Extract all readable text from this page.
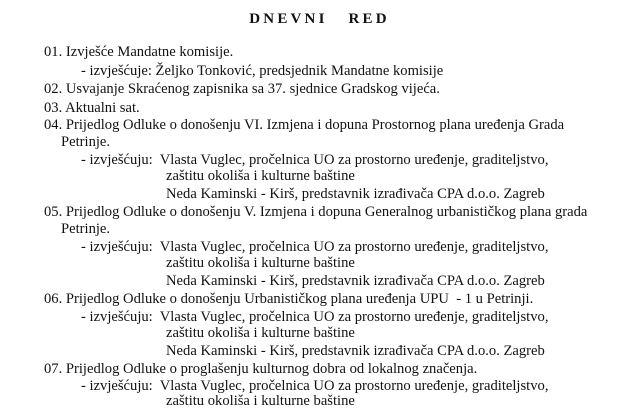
DNEVNI   RED
01. Izvješće Mandatne komisije.
- izvješćuje: Željko Tonković, predsjednik Mandatne komisije
02. Usvajanje Skraćenog zapisnika sa 37. sjednice Gradskog vijeća.
03. Aktualni sat.
04. Prijedlog Odluke o donošenju VI. Izmjena i dopuna Prostornog plana uređenja Grada
Petrinje.
- izvješćuju:  Vlasta Vuglec, pročelnica UO za prostorno uređenje, graditeljstvo,
zaštitu okoliša i kulturne baštine
Neda Kaminski - Kirš, predstavnik izrađivača CPA d.o.o. Zagreb
05. Prijedlog Odluke o donošenju V. Izmjena i dopuna Generalnog urbanističkog plana grada
Petrinje.
- izvješćuju:  Vlasta Vuglec, pročelnica UO za prostorno uređenje, graditeljstvo,
zaštitu okoliša i kulturne baštine
Neda Kaminski - Kirš, predstavnik izrađivača CPA d.o.o. Zagreb
06. Prijedlog Odluke o donošenju Urbanističkog plana uređenja UPU  - 1 u Petrinji.
- izvješćuju:  Vlasta Vuglec, pročelnica UO za prostorno uređenje, graditeljstvo,
zaštitu okoliša i kulturne baštine
Neda Kaminski - Kirš, predstavnik izrađivača CPA d.o.o. Zagreb
07. Prijedlog Odluke o proglašenju kulturnog dobra od lokalnog značenja.
- izvješćuju:  Vlasta Vuglec, pročelnica UO za prostorno uređenje, graditeljstvo,
zaštitu okoliša i kulturne baštine
